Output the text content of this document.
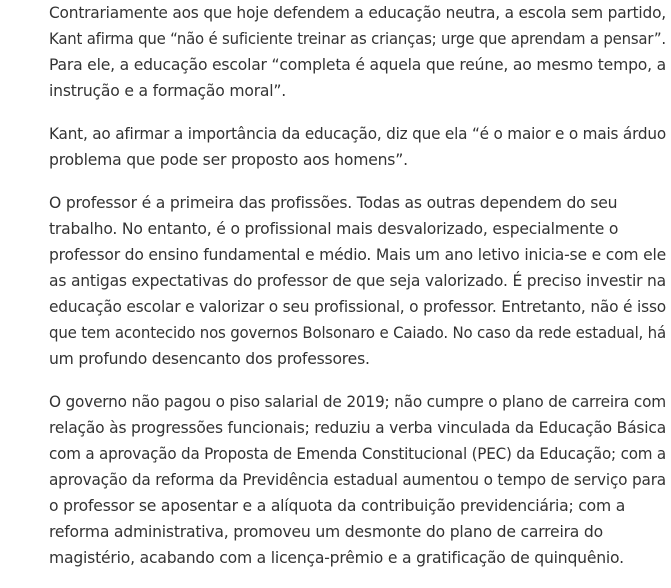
Contrariamente aos que hoje defendem a educação neutra, a escola sem partido,
Kant afirma que “não é suficiente treinar as crianças; urge que aprendam a pensar”.
Para ele, a educação escolar “completa é aquela que reúne, ao mesmo tempo, a
instrução e a formação moral”.

Kant, ao afirmar a importância da educação, diz que ela “é o maior e o mais árduo
problema que pode ser proposto aos homens”.

O professor é a primeira das profissões. Todas as outras dependem do seu
trabalho. No entanto, é o profissional mais desvalorizado, especialmente o
professor do ensino fundamental e médio. Mais um ano letivo inicia-se e com ele
as antigas expectativas do professor de que seja valorizado. É preciso investir na
educação escolar e valorizar o seu profissional, o professor. Entretanto, não é isso
que tem acontecido nos governos Bolsonaro e Caiado. No caso da rede estadual, há
um profundo desencanto dos professores.

O governo não pagou o piso salarial de 2019; não cumpre o plano de carreira com
relação às progressões funcionais; reduziu a verba vinculada da Educação Básica
com a aprovação da Proposta de Emenda Constitucional (PEC) da Educação; com a
aprovação da reforma da Previdência estadual aumentou o tempo de serviço para
o professor se aposentar e a alíquota da contribuição previdenciária; com a
reforma administrativa, promoveu um desmonte do plano de carreira do
magistério, acabando com a licença-prêmio e a gratificação de quinquênio.
